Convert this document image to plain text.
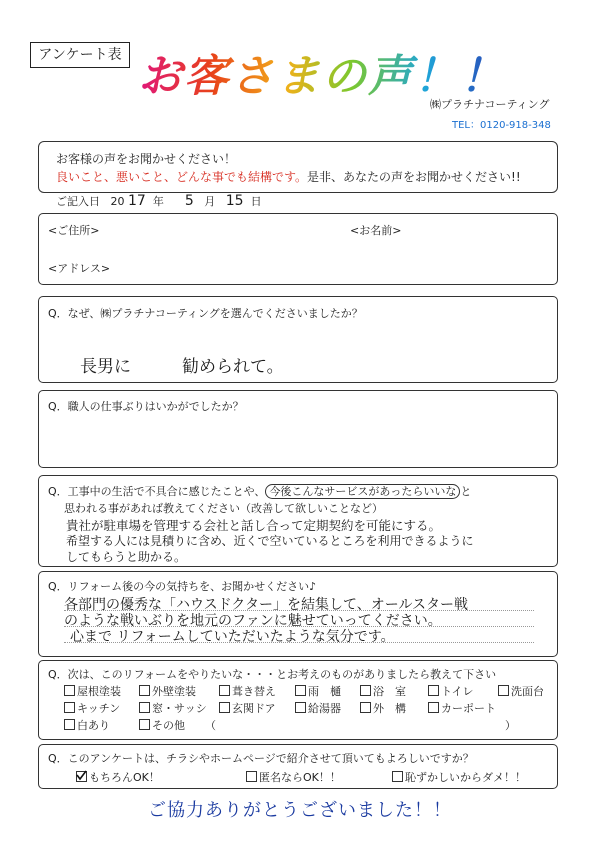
アンケート表 お客さまの声！！
㈱プラチナコーティング
TEL：0120-918-348
お客様の声をお聞かせください！
良いこと、悪いこと、どんな事でも結構です。是非、あなたの声をお聞かせください!!
ご記入日 20 17 年 5 月 15 日
<ご住所>	<お名前>
<アドレス>
Q．なぜ、㈱プラチナコーティングを選んでくださいましたか？
長男に　　　勧められて。
Q．職人の仕事ぶりはいかがでしたか？
Q．工事中の生活で不具合に感じたことや、 今後こんなサービスがあったらいいな と
思われる事があれば教えてください（改善して欲しいことなど）
貴社が駐車場を管理する会社と話し合って定期契約を可能にする。
希望する人には見積りに含め、近くで空いているところを利用できるように
してもらうと助かる。
Q．リフォーム後の今の気持ちを、お聞かせください♪
各部門の優秀な「ハウスドクター」を結集して、オールスター戦
のような戦いぶりを地元のファンに魅せていってください。
心まで リフォームしていただいたような気分です。
Q．次は、このリフォームをやりたいな・・・とお考えのものがありましたら教えて下さい
屋根塗装	外壁塗装	葺き替え	雨　樋	浴　室	トイレ	洗面台
キッチン	窓・サッシ	玄関ドア	給湯器	外　構	カーポート
白あり	その他 （	）
Q．このアンケートは、チラシやホームページで紹介させて頂いてもよろしいですか？
もちろんOK！	匿名ならOK！！	恥ずかしいからダメ！！
ご協力ありがとうございました！！
